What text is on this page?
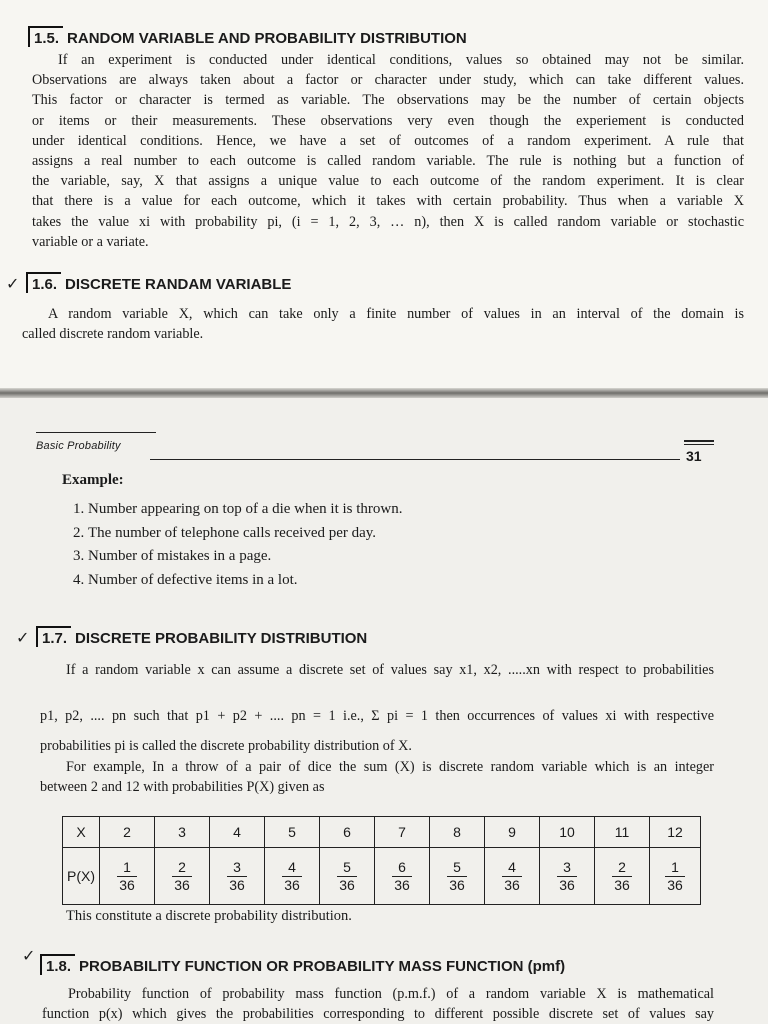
1.5. RANDOM VARIABLE AND PROBABILITY DISTRIBUTION
If an experiment is conducted under identical conditions, values so obtained may not be similar.
Observations are always taken about a factor or character under study, which can take different values.
This factor or character is termed as variable. The observations may be the number of certain objects
or items or their measurements. These observations very even though the experiement is conducted
under identical conditions. Hence, we have a set of outcomes of a random experiment. A rule that
assigns a real number to each outcome is called random variable. The rule is nothing but a function of
the variable, say, X that assigns a unique value to each outcome of the random experiment. It is clear
that there is a value for each outcome, which it takes with certain probability. Thus when a variable X
takes the value xi with probability pi, (i = 1, 2, 3, … n), then X is called random variable or stochastic
variable or a variate.
✓ 1.6. DISCRETE RANDAM VARIABLE
A random variable X, which can take only a finite number of values in an interval of the domain is
called discrete random variable.
Basic Probability
31
Example:
1. Number appearing on top of a die when it is thrown.
2. The number of telephone calls received per day.
3. Number of mistakes in a page.
4. Number of defective items in a lot.
✓ 1.7. DISCRETE PROBABILITY DISTRIBUTION
If a random variable x can assume a discrete set of values say x1, x2, .....xn with respect to probabilities
p1, p2, .... pn such that p1 + p2 + .... pn = 1 i.e., Σ pi = 1 then occurrences of values xi with respective
probabilities pi is called the discrete probability distribution of X.
For example, In a throw of a pair of dice the sum (X) is discrete random variable which is an integer
between 2 and 12 with probabilities P(X) given as
X	2	3	4	5	6	7	8	9	10	11	12
P(X)	$\frac{1}{36}$	$\frac{2}{36}$	$\frac{3}{36}$	$\frac{4}{36}$	$\frac{5}{36}$	$\frac{6}{36}$	$\frac{5}{36}$	$\frac{4}{36}$	$\frac{3}{36}$	$\frac{2}{36}$	$\frac{1}{36}$
This constitute a discrete probability distribution.
✓
1.8. PROBABILITY FUNCTION OR PROBABILITY MASS FUNCTION (pmf)
Probability function of probability mass function (p.m.f.) of a random variable X is mathematical
function p(x) which gives the probabilities corresponding to different possible discrete set of values say
